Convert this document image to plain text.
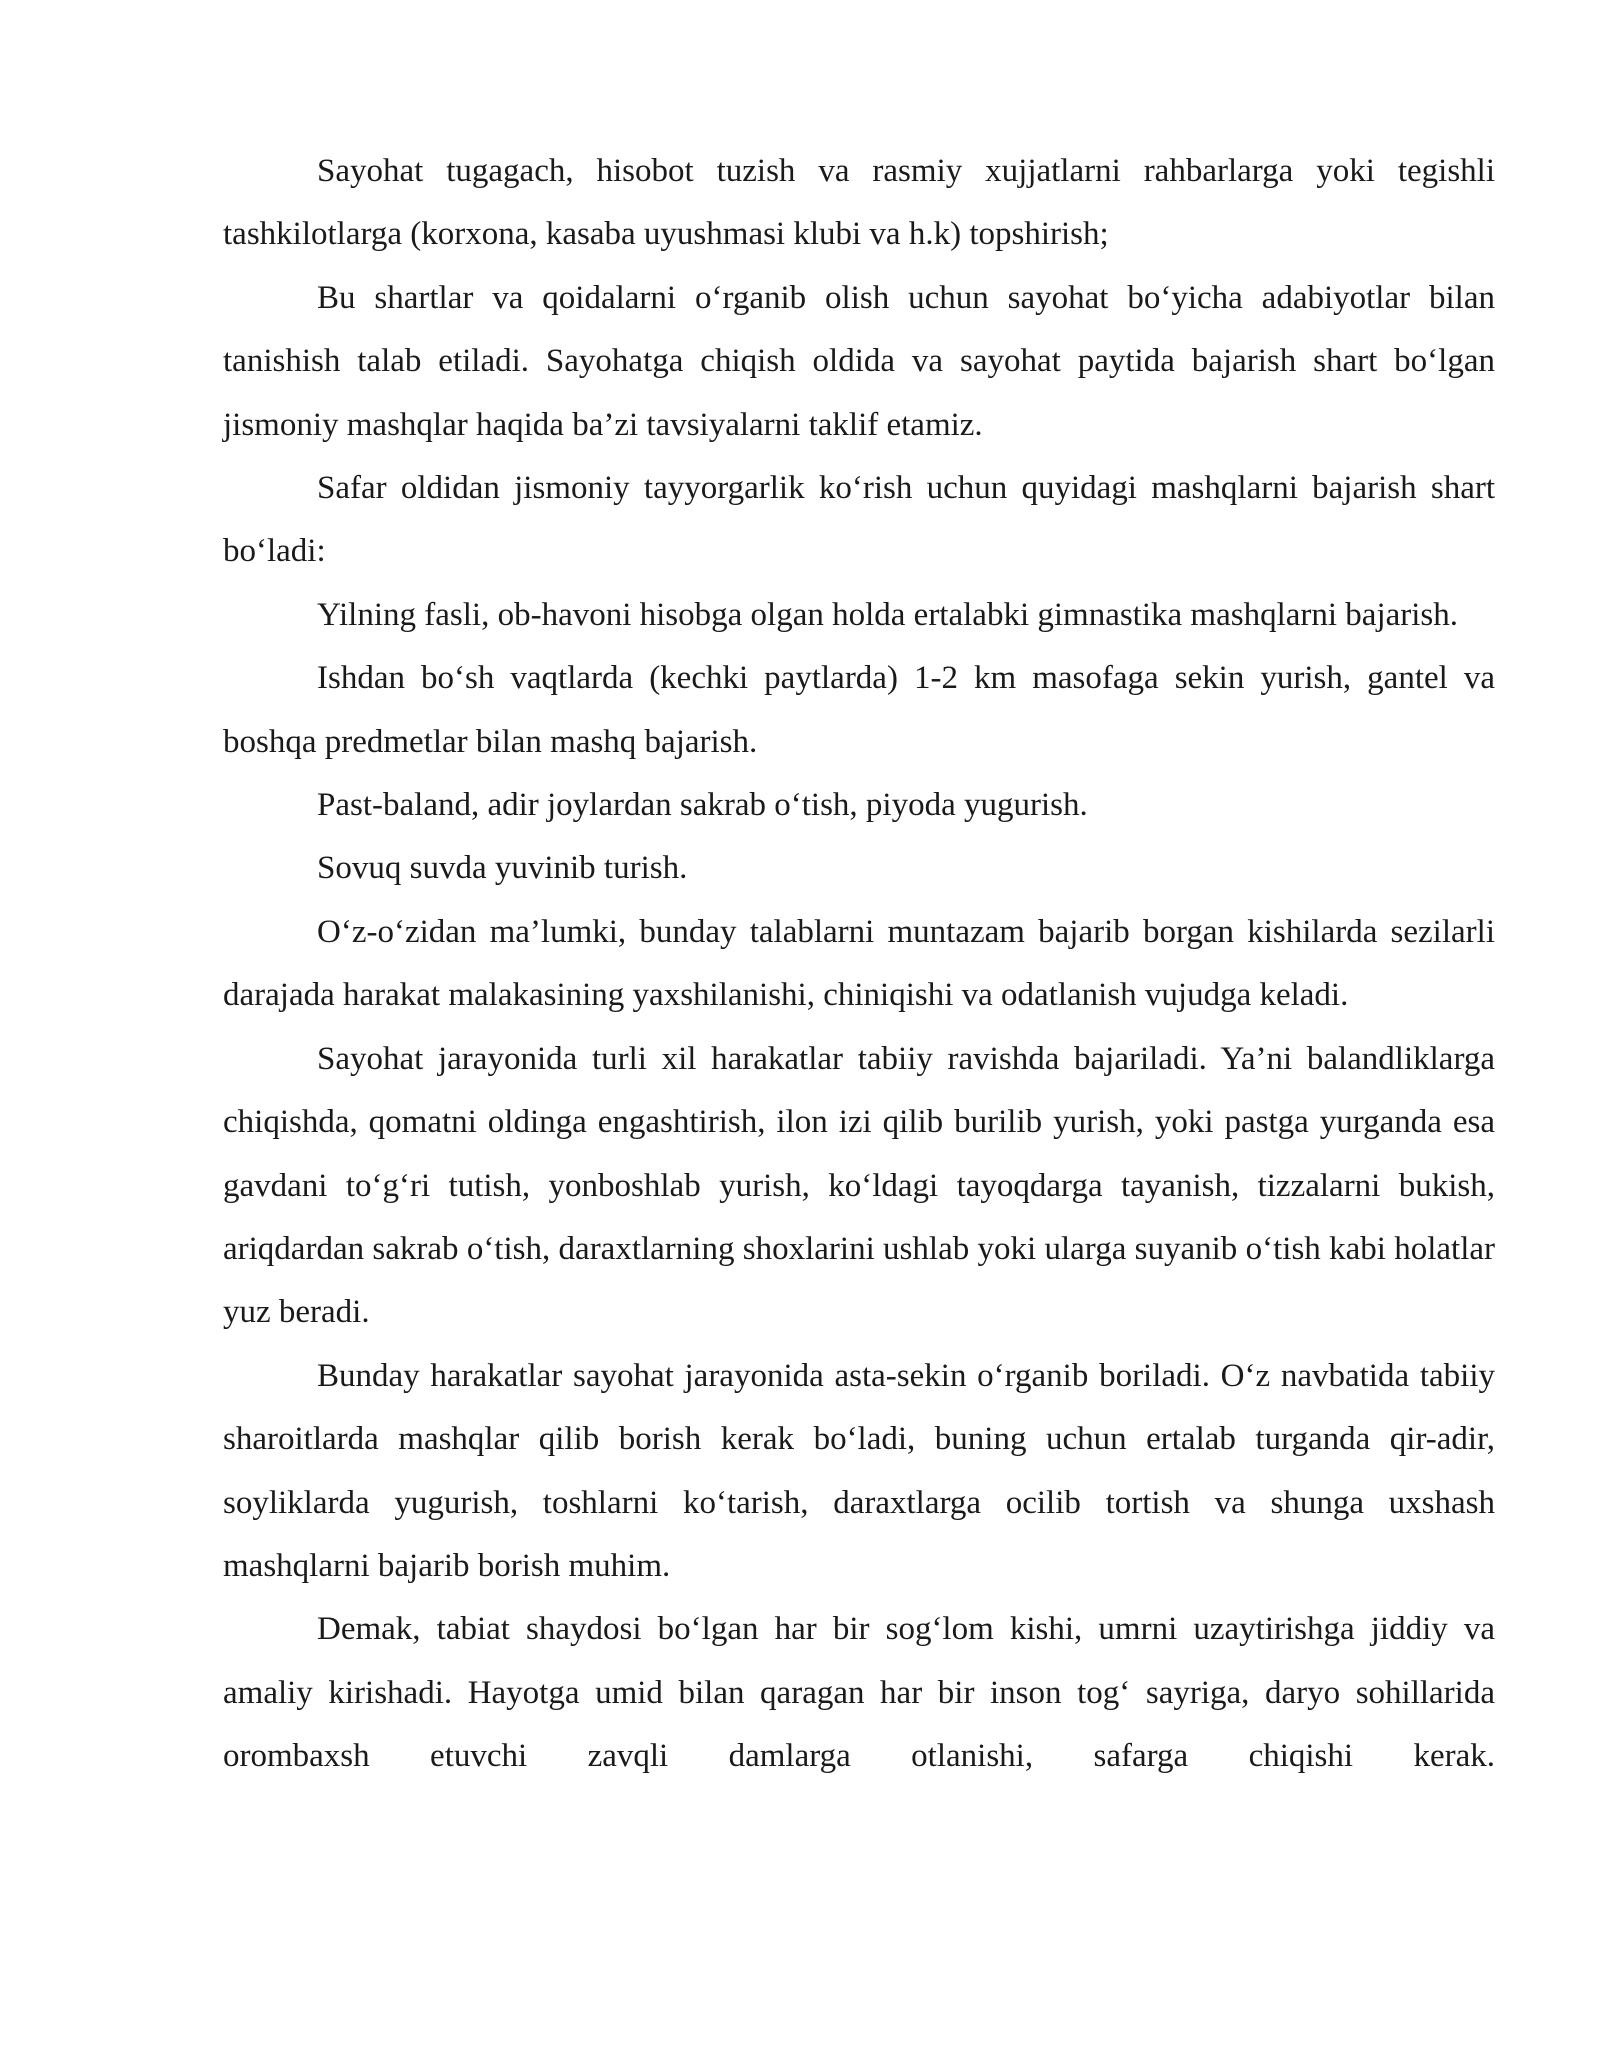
Sayohat tugagach, hisobot tuzish va rasmiy xujjatlarni rahbarlarga yoki tegishli tashkilotlarga (korxona, kasaba uyushmasi klubi va h.k) topshirish;

Bu shartlar va qoidalarni o‘rganib olish uchun sayohat bo‘yicha adabiyotlar bilan tanishish talab etiladi. Sayohatga chiqish oldida va sayohat paytida bajarish shart bo‘lgan jismoniy mashqlar haqida ba’zi tavsiyalarni taklif etamiz.

Safar oldidan jismoniy tayyorgarlik ko‘rish uchun quyidagi mashqlarni bajarish shart bo‘ladi:

Yilning fasli, ob-havoni hisobga olgan holda ertalabki gimnastika mashqlarni bajarish.

Ishdan bo‘sh vaqtlarda (kechki paytlarda) 1-2 km masofaga sekin yurish, gantel va boshqa predmetlar bilan mashq bajarish.

Past-baland, adir joylardan sakrab o‘tish, piyoda yugurish.

Sovuq suvda yuvinib turish.

O‘z-o‘zidan ma’lumki, bunday talablarni muntazam bajarib borgan kishilarda sezilarli darajada harakat malakasining yaxshilanishi, chiniqishi va odatlanish vujudga keladi.

Sayohat jarayonida turli xil harakatlar tabiiy ravishda bajariladi. Ya’ni balandliklarga chiqishda, qomatni oldinga engashtirish, ilon izi qilib burilib yurish, yoki pastga yurganda esa gavdani to‘g‘ri tutish, yonboshlab yurish, ko‘ldagi tayoqdarga tayanish, tizzalarni bukish, ariqdardan sakrab o‘tish, daraxtlarning shoxlarini ushlab yoki ularga suyanib o‘tish kabi holatlar yuz beradi.

Bunday harakatlar sayohat jarayonida asta-sekin o‘rganib boriladi. O‘z navbatida tabiiy sharoitlarda mashqlar qilib borish kerak bo‘ladi, buning uchun ertalab turganda qir-adir, soyliklarda yugurish, toshlarni ko‘tarish, daraxtlarga ocilib tortish va shunga uxshash mashqlarni bajarib borish muhim.

Demak, tabiat shaydosi bo‘lgan har bir sog‘lom kishi, umrni uzaytirishga jiddiy va amaliy kirishadi. Hayotga umid bilan qaragan har bir inson tog‘ sayriga, daryo sohillarida orombaxsh etuvchi zavqli damlarga otlanishi, safarga chiqishi kerak.
